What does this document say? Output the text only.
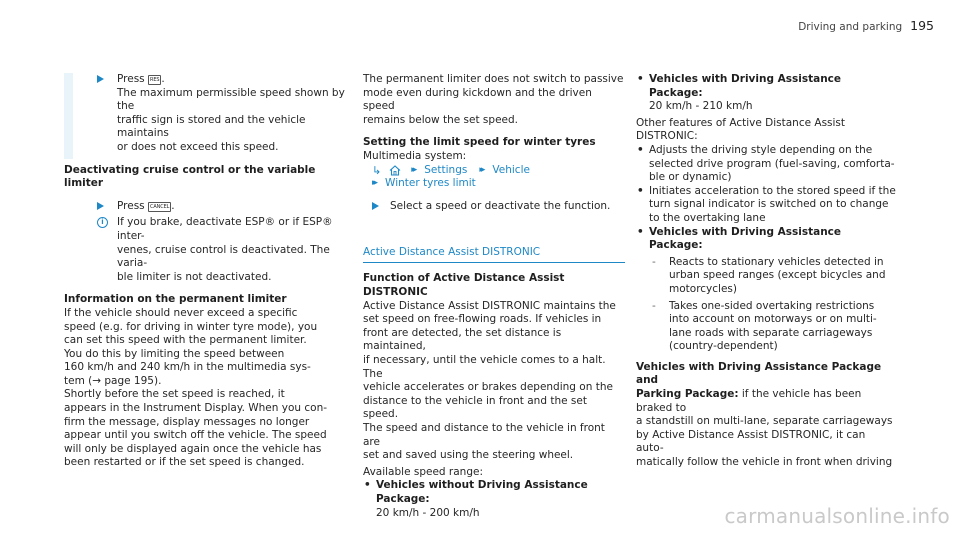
Driving and parking 195
Press RES .
The maximum permissible speed shown by the
traffic sign is stored and the vehicle maintains
or does not exceed this speed.
Deactivating cruise control or the variable limiter
Press CANCEL .
i	If you brake, deactivate ESP® or if ESP® inter-
venes, cruise control is deactivated. The varia-
ble limiter is not deactivated.
Information on the permanent limiter
If the vehicle should never exceed a specific
speed (e.g. for driving in winter tyre mode), you
can set this speed with the permanent limiter.
You do this by limiting the speed between
160 km/h and 240 km/h in the multimedia sys-
tem (→ page 195).
Shortly before the set speed is reached, it
appears in the Instrument Display. When you con-
firm the message, display messages no longer
appear until you switch off the vehicle. The speed
will only be displayed again once the vehicle has
been restarted or if the set speed is changed.
The permanent limiter does not switch to passive
mode even during kickdown and the driven speed
remains below the set speed.
Setting the limit speed for winter tyres
Multimedia system:
↳	▸▸ Settings ▸▸ Vehicle
▸▸ Winter tyres limit
Select a speed or deactivate the function.
Active Distance Assist DISTRONIC
Function of Active Distance Assist DISTRONIC
Active Distance Assist DISTRONIC maintains the
set speed on free-flowing roads. If vehicles in
front are detected, the set distance is maintained,
if necessary, until the vehicle comes to a halt. The
vehicle accelerates or brakes depending on the
distance to the vehicle in front and the set speed.
The speed and distance to the vehicle in front are
set and saved using the steering wheel.
Available speed range:
• Vehicles without Driving Assistance Package:
20 km/h - 200 km/h
• Vehicles with Driving Assistance Package:
20 km/h - 210 km/h
Other features of Active Distance Assist
DISTRONIC:
• Adjusts the driving style depending on the
selected drive program (fuel-saving, comforta-
ble or dynamic)
• Initiates acceleration to the stored speed if the
turn signal indicator is switched on to change
to the overtaking lane
• Vehicles with Driving Assistance Package:
- Reacts to stationary vehicles detected in
urban speed ranges (except bicycles and
motorcycles)
- Takes one-sided overtaking restrictions
into account on motorways or on multi-
lane roads with separate carriageways
(country-dependent)
Vehicles with Driving Assistance Package and
Parking Package: if the vehicle has been braked to
a standstill on multi-lane, separate carriageways
by Active Distance Assist DISTRONIC, it can auto-
matically follow the vehicle in front when driving
carmanualsonline.info
